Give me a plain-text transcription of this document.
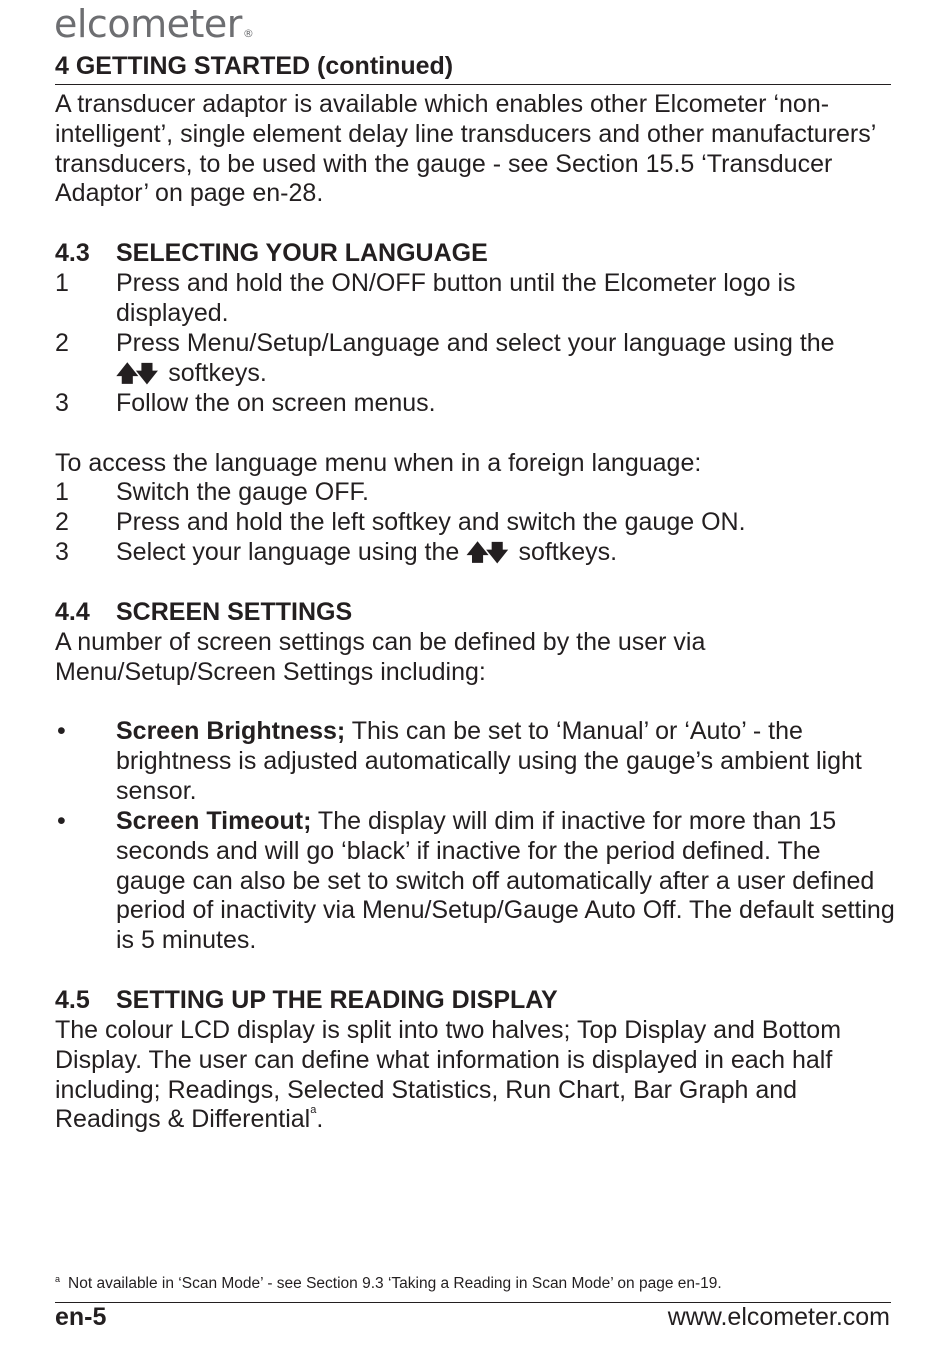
elcometer®
4 GETTING STARTED (continued)
A transducer adaptor is available which enables other Elcometer ‘non-intelligent’, single element delay line transducers and other manufacturers’ transducers, to be used with the gauge - see Section 15.5 ‘Transducer Adaptor’ on page en-28.
4.3 SELECTING YOUR LANGUAGE
1 Press and hold the ON/OFF button until the Elcometer logo is displayed.
2 Press Menu/Setup/Language and select your language using the
🡅🡇 softkeys.
3 Follow the on screen menus.
To access the language menu when in a foreign language:
1 Switch the gauge OFF.
2 Press and hold the left softkey and switch the gauge ON.
3 Select your language using the 🡅🡇 softkeys.
4.4 SCREEN SETTINGS
A number of screen settings can be defined by the user via Menu/Setup/Screen Settings including:
• Screen Brightness; This can be set to ‘Manual’ or ‘Auto’ - the brightness is adjusted automatically using the gauge’s ambient light sensor.
• Screen Timeout; The display will dim if inactive for more than 15 seconds and will go ‘black’ if inactive for the period defined. The gauge can also be set to switch off automatically after a user defined period of inactivity via Menu/Setup/Gauge Auto Off. The default setting is 5 minutes.
4.5 SETTING UP THE READING DISPLAY
The colour LCD display is split into two halves; Top Display and Bottom Display. The user can define what information is displayed in each half including; Readings, Selected Statistics, Run Chart, Bar Graph and Readings & Differential$^a$.
$^a$ Not available in ‘Scan Mode’ - see Section 9.3 ‘Taking a Reading in Scan Mode’ on page en-19.
en-5	www.elcometer.com
